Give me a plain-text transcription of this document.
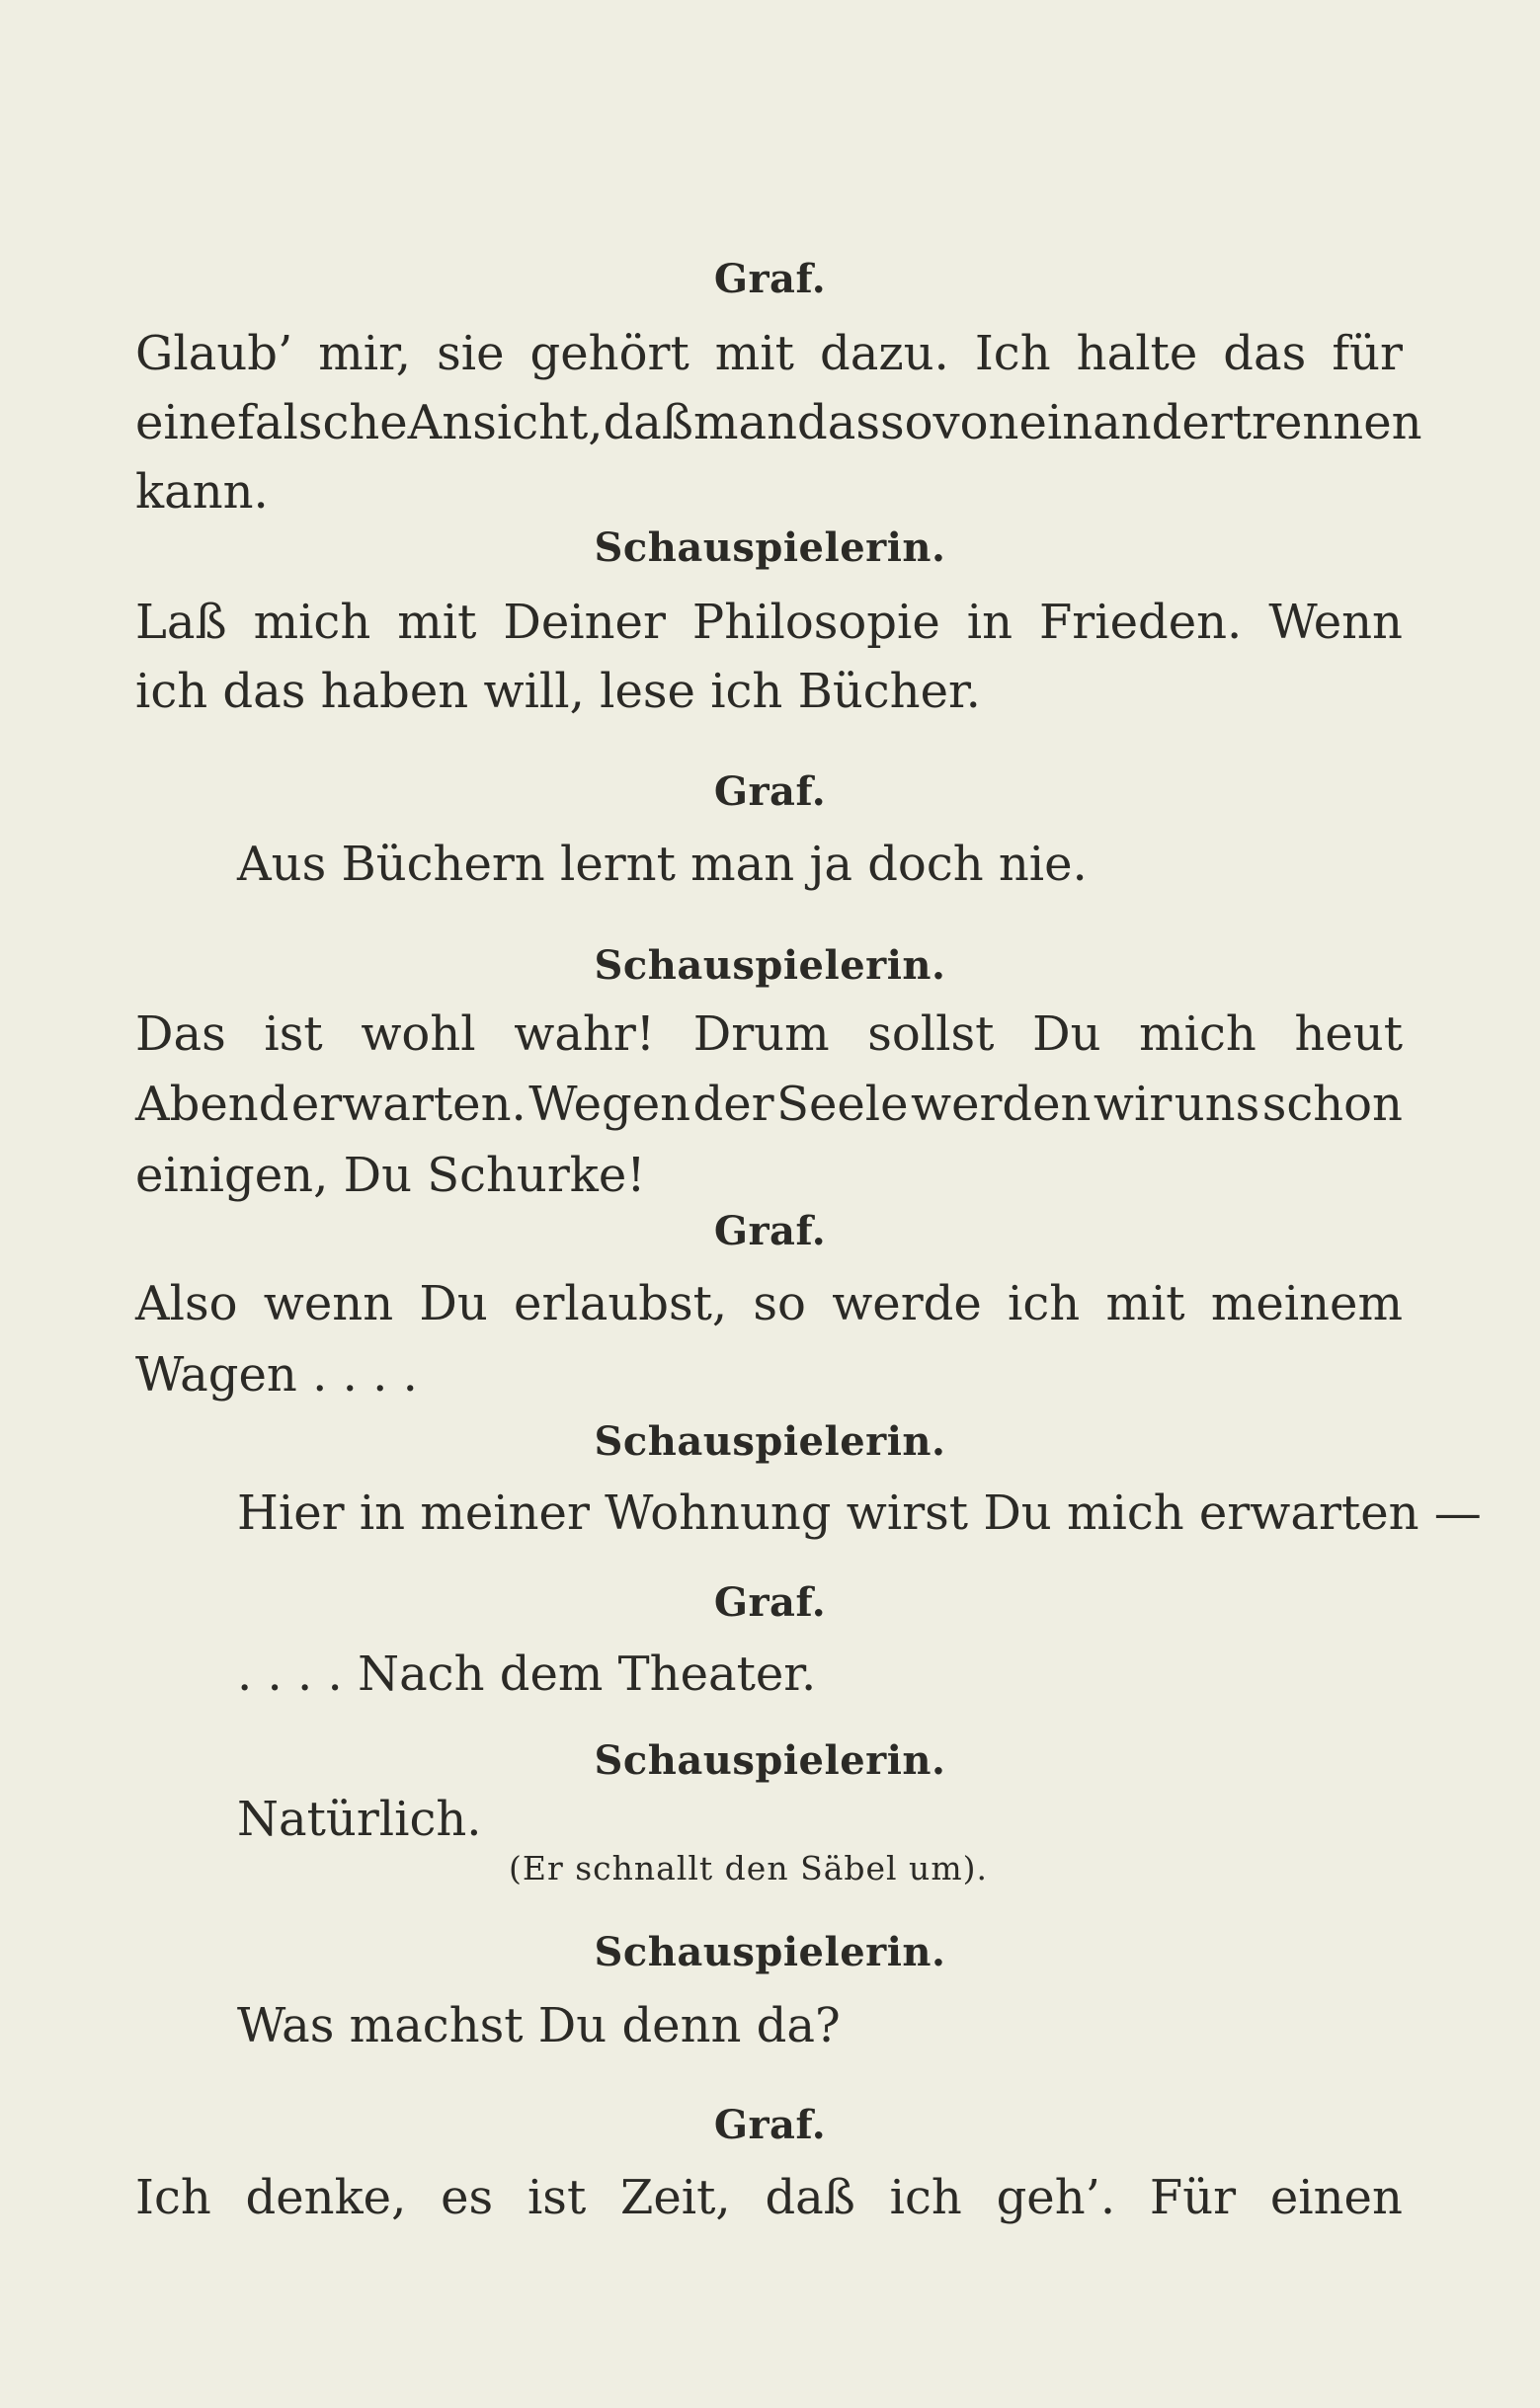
Graf.
Glaub’ mir, sie gehört mit dazu. Ich halte das für
eine falsche Ansicht, daß man das so von einander trennen
kann.
Schauspielerin.
Laß mich mit Deiner Philosopie in Frieden. Wenn
ich das haben will, lese ich Bücher.
Graf.
Aus Büchern lernt man ja doch nie.
Schauspielerin.
Das ist wohl wahr! Drum sollst Du mich heut
Abend erwarten. Wegen der Seele werden wir uns schon
einigen, Du Schurke!
Graf.
Also wenn Du erlaubst, so werde ich mit meinem
Wagen . . . .
Schauspielerin.
Hier in meiner Wohnung wirst Du mich erwarten —
Graf.
. . . . Nach dem Theater.
Schauspielerin.
Natürlich.
(Er schnallt den Säbel um).
Schauspielerin.
Was machst Du denn da?
Graf.
Ich denke, es ist Zeit, daß ich geh’. Für einen
